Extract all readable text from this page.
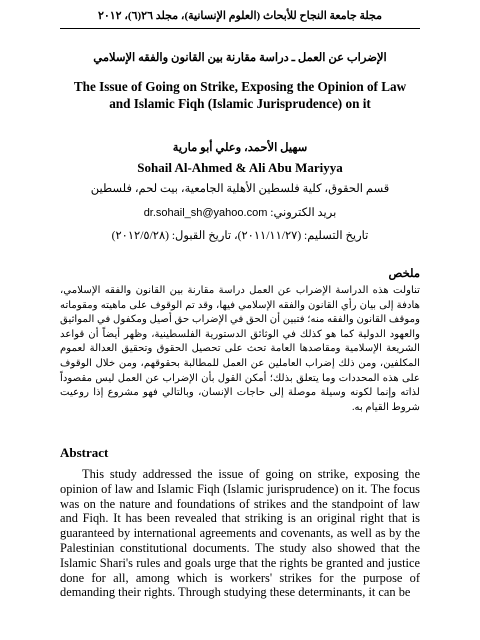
مجلة جامعة النجاح للأبحاث (العلوم الإنسانية)، مجلد ٢٦(٦)، ٢٠١٢
الإضراب عن العمل ـ دراسة مقارنة بين القانون والفقه الإسلامي
The Issue of Going on Strike, Exposing the Opinion of Law and Islamic Fiqh (Islamic Jurisprudence) on it
سهيل الأحمد، وعلي أبو مارية
Sohail Al-Ahmed & Ali Abu Mariyya
قسم الحقوق، كلية فلسطين الأهلية الجامعية، بيت لحم، فلسطين
بريد الكتروني: dr.sohail_sh@yahoo.com
تاريخ التسليم: (٢٠١١/١١/٢٧)، تاريخ القبول: (٢٠١٢/٥/٢٨)
ملخص
تناولت هذه الدراسة الإضراب عن العمل دراسة مقارنة بين القانون والفقه الإسلامي، هادفة إلى بيان رأي القانون والفقه الإسلامي فيها، وقد تم الوقوف على ماهيته ومقوماته وموقف القانون والفقه منه؛ فتبين أن الحق في الإضراب حق أصيل ومكفول في المواثيق والعهود الدولية كما هو كذلك في الوثائق الدستورية الفلسطينية، وظهر أيضاً أن قواعد الشريعة الإسلامية ومقاصدها العامة تحث على تحصيل الحقوق وتحقيق العدالة لعموم المكلفين، ومن ذلك إضراب العاملين عن العمل للمطالبة بحقوقهم، ومن خلال الوقوف على هذه المحددات وما يتعلق بذلك؛ أمكن القول بأن الإضراب عن العمل ليس مقصوداً لذاته وإنما لكونه وسيلة موصلة إلى حاجات الإنسان، وبالتالي فهو مشروع إذا روعيت شروط القيام به.
Abstract
This study addressed the issue of going on strike, exposing the opinion of law and Islamic Fiqh (Islamic jurisprudence) on it. The focus was on the nature and foundations of strikes and the standpoint of law and Fiqh. It has been revealed that striking is an original right that is guaranteed by international agreements and covenants, as well as by the Palestinian constitutional documents. The study also showed that the Islamic Shari's rules and goals urge that the rights be granted and justice done for all, among which is workers' strikes for the purpose of demanding their rights. Through studying these determinants, it can be
